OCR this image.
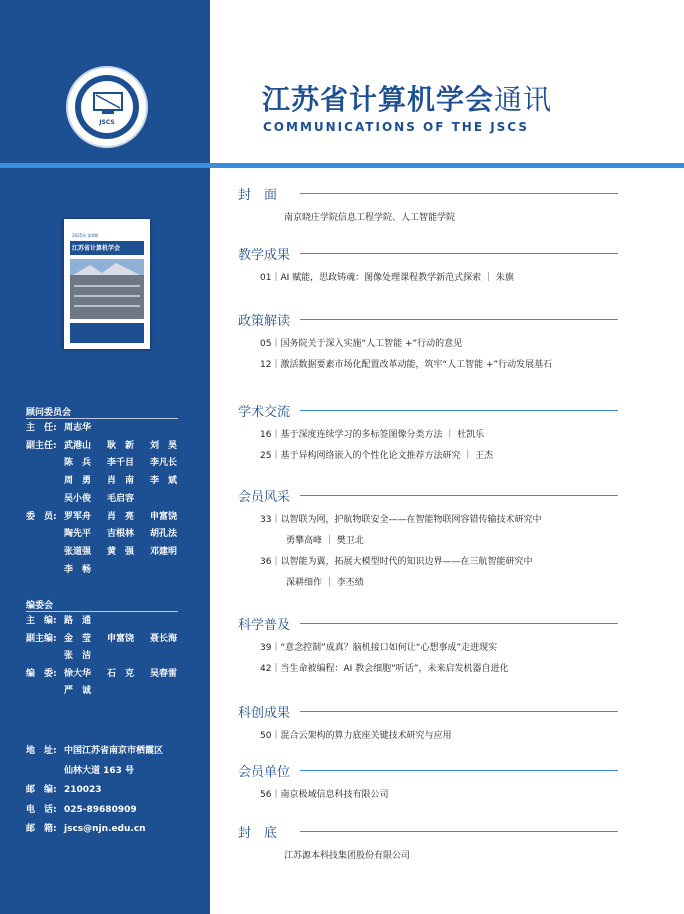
JSCS
2025年 第X期
江苏省计算机学会
顾问委员会
主　任: 周志华
副主任: 武港山 耿　新 刘　昊
陈　兵 李千目 李凡长
周　勇 肖　南 李　斌
吴小俊 毛启容
委　员: 罗军舟 肖　亮 申富饶
陶先平 吉根林 胡孔法
张道强 黄　强 邓建明
李　畅
编委会
主　编: 路　通
副主编: 金　莹 申富饶 聂长海
张　洁
编　委: 徐大华 石　克 吴春雷
严　诚
地　址: 中国江苏省南京市栖霞区
仙林大道 163 号
邮　编: 210023
电　话: 025-89680909
邮　箱: jscs@njn.edu.cn
江苏省计算机学会通讯
COMMUNICATIONS OF THE JSCS
封　面
南京晓庄学院信息工程学院、人工智能学院
教学成果
01｜AI 赋能，思政铸魂：图像处理课程教学新范式探索 ｜ 朱旗
政策解读
05｜国务院关于深入实施“人工智能 +”行动的意见
12｜激活数据要素市场化配置改革动能，筑牢“人工智能 +”行动发展基石
学术交流
16｜基于深度连续学习的多标签图像分类方法 ｜ 杜凯乐
25｜基于异构网络嵌入的个性化论文推荐方法研究 ｜ 王杰
会员风采
33｜以智联为网，护航物联安全——在智能物联网容错传输技术研究中
勇攀高峰 ｜ 樊卫北
36｜以智能为翼，拓展大模型时代的知识边界——在三航智能研究中
深耕细作 ｜ 李丕绩
科学普及
39｜“意念控制”成真？脑机接口如何让“心想事成”走进现实
42｜当生命被编程：AI 教会细胞“听话”，未来启发机器自进化
科创成果
50｜混合云架构的算力底座关键技术研究与应用
会员单位
56｜南京极域信息科技有限公司
封　底
江苏源本科技集团股份有限公司
